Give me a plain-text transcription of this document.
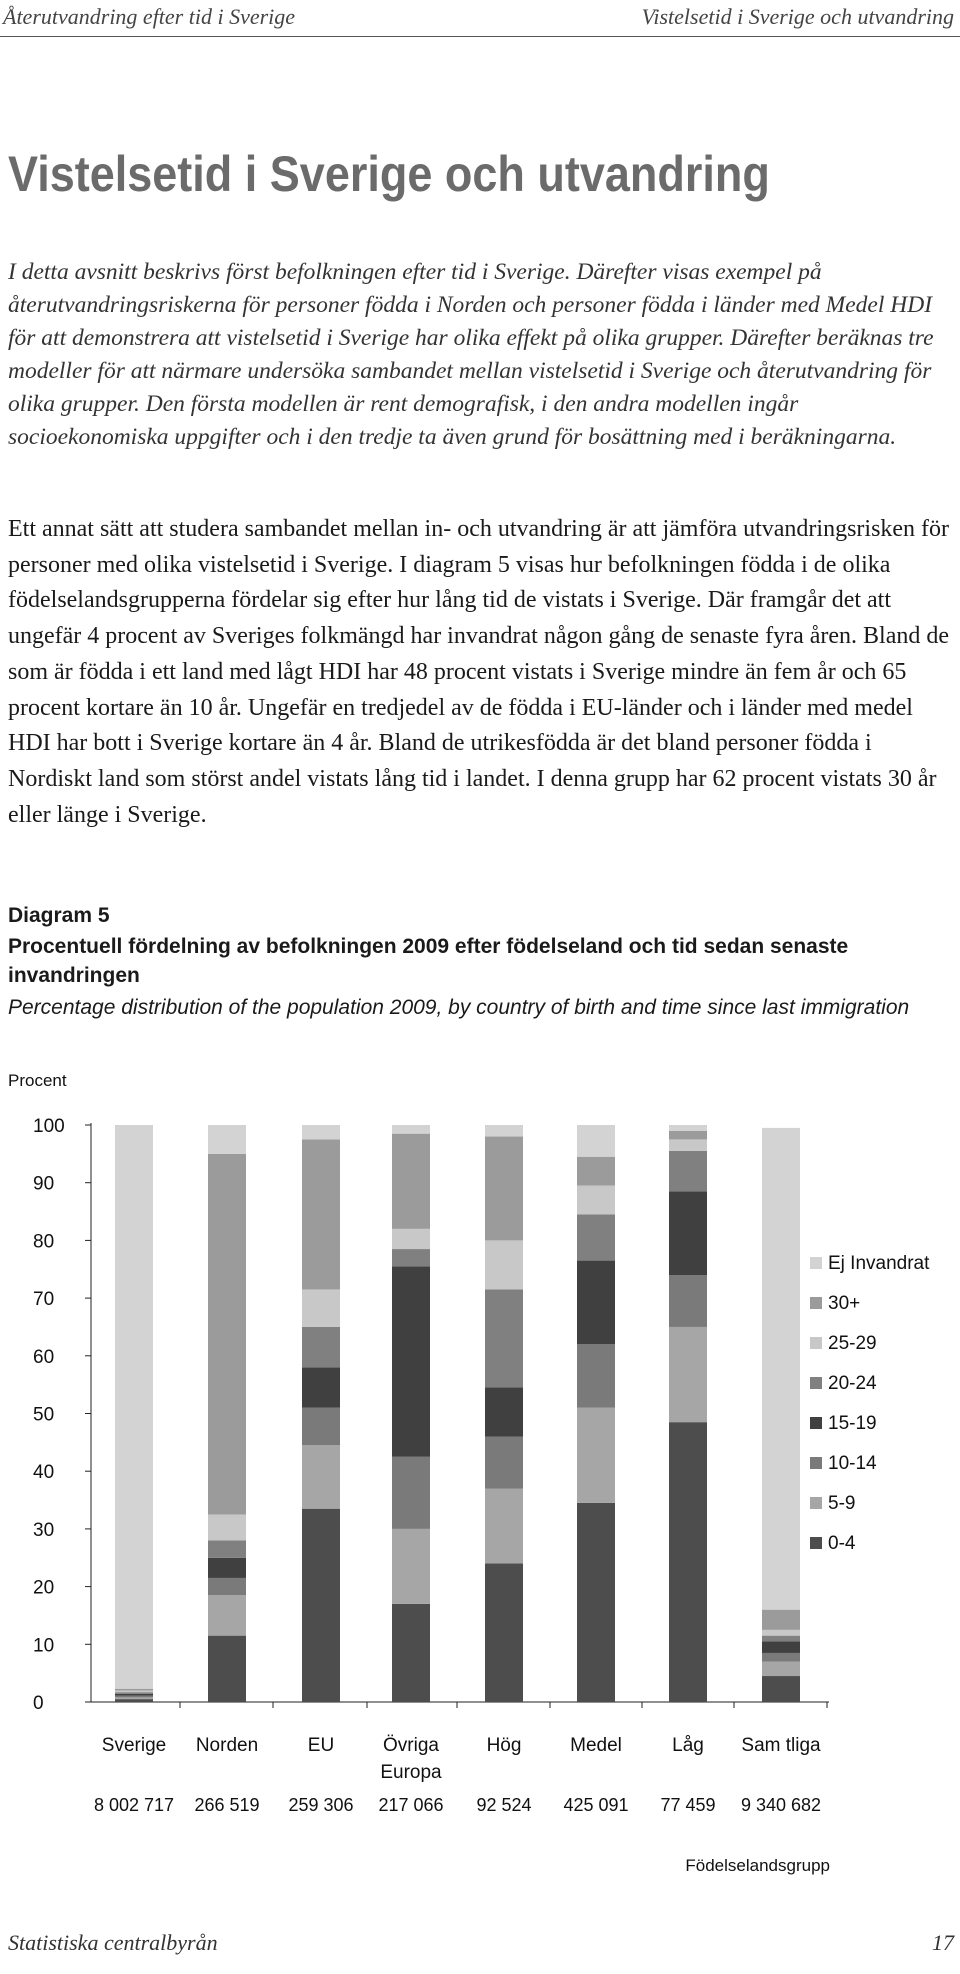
Återutvandring efter tid i Sverige	Vistelsetid i Sverige och utvandring
Vistelsetid i Sverige och utvandring

I detta avsnitt beskrivs först befolkningen efter tid i Sverige. Därefter visas exempel på återutvandringsriskerna för personer födda i Norden och personer födda i länder med Medel HDI för att demonstrera att vistelsetid i Sverige har olika effekt på olika grupper. Därefter beräknas tre modeller för att närmare undersöka sambandet mellan vistelsetid i Sverige och återutvandring för olika grupper. Den första modellen är rent demografisk, i den andra modellen ingår socioekonomiska uppgifter och i den tredje ta även grund för bosättning med i beräkningarna.

Ett annat sätt att studera sambandet mellan in- och utvandring är att jämföra utvandringsrisken för personer med olika vistelsetid i Sverige. I diagram 5 visas hur befolkningen födda i de olika födelselandsgrupperna fördelar sig efter hur lång tid de vistats i Sverige. Där framgår det att ungefär 4 procent av Sveriges folkmängd har invandrat någon gång de senaste fyra åren. Bland de som är födda i ett land med lågt HDI har 48 procent vistats i Sverige mindre än fem år och 65 procent kortare än 10 år. Ungefär en tredjedel av de födda i EU-länder och i länder med medel HDI har bott i Sverige kortare än 4 år. Bland de utrikesfödda är det bland personer födda i Nordiskt land som störst andel vistats lång tid i landet. I denna grupp har 62 procent vistats 30 år eller länge i Sverige.

Diagram 5

Procentuell fördelning av befolkningen 2009 efter födelseland och tid sedan senaste invandringen

Percentage distribution of the population 2009, by country of birth and time since last immigration

Procent
0
10
20
30
40
50
60
70
80
90
100
Sverige
8 002 717
Norden
266 519
EU
259 306
Övriga
Europa
217 066
Hög
92 524
Medel
425 091
Låg
77 459
Sam tliga
9 340 682
Födelselandsgrupp
Ej Invandrat
30+
25-29
20-24
15-19
10-14
5-9
0-4
Statistiska centralbyrån	17
